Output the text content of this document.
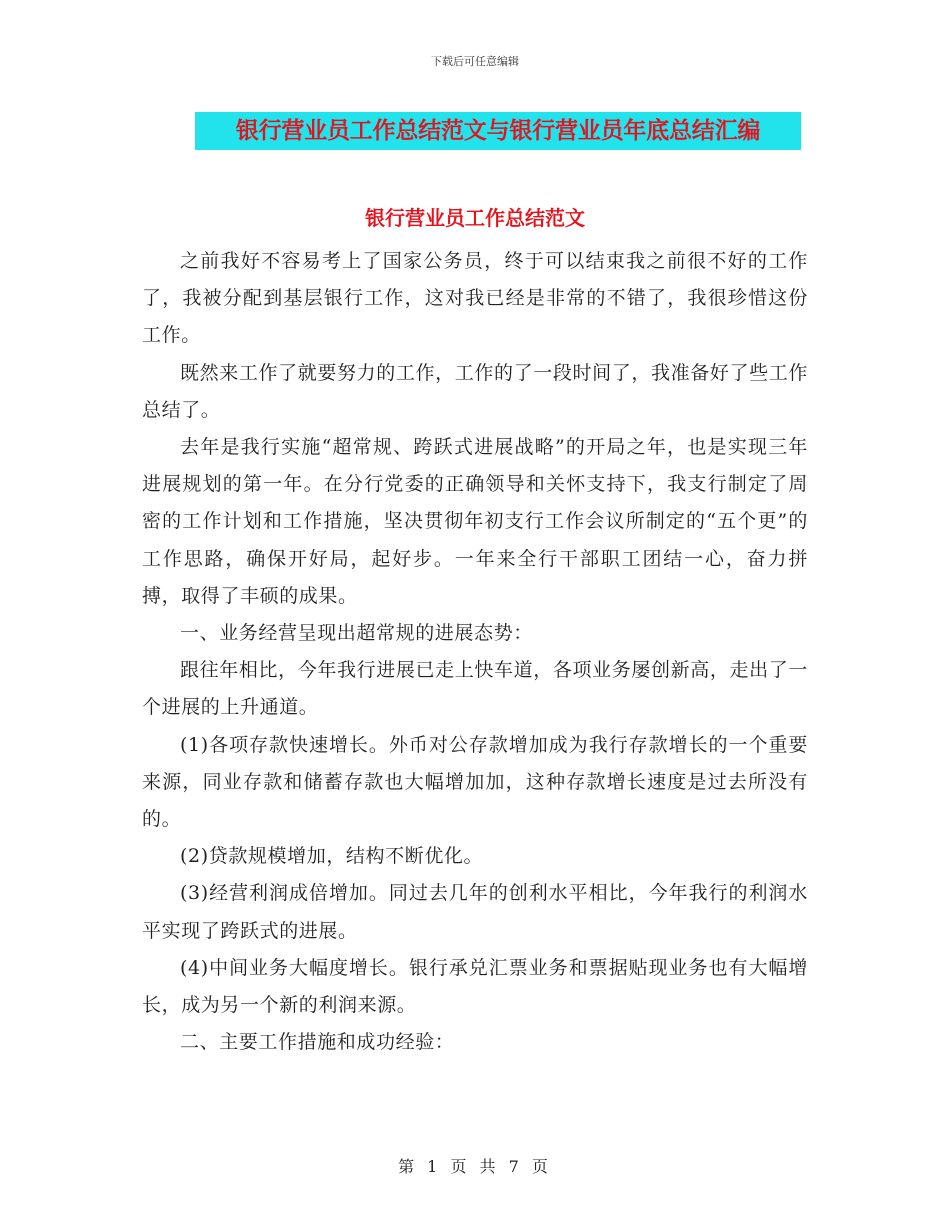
下载后可任意编辑
银行营业员工作总结范文与银行营业员年底总结汇编
银行营业员工作总结范文

之前我好不容易考上了国家公务员，终于可以结束我之前很不好的工作了，我被分配到基层银行工作，这对我已经是非常的不错了，我很珍惜这份工作。

既然来工作了就要努力的工作，工作的了一段时间了，我准备好了些工作总结了。

去年是我行实施“超常规、跨跃式进展战略”的开局之年，也是实现三年进展规划的第一年。在分行党委的正确领导和关怀支持下，我支行制定了周密的工作计划和工作措施，坚决贯彻年初支行工作会议所制定的“五个更”的工作思路，确保开好局，起好步。一年来全行干部职工团结一心，奋力拼搏，取得了丰硕的成果。

一、业务经营呈现出超常规的进展态势：

跟往年相比，今年我行进展已走上快车道，各项业务屡创新高，走出了一个进展的上升通道。

(1)各项存款快速增长。外币对公存款增加成为我行存款增长的一个重要来源，同业存款和储蓄存款也大幅增加加，这种存款增长速度是过去所没有的。

(2)贷款规模增加，结构不断优化。

(3)经营利润成倍增加。同过去几年的创利水平相比，今年我行的利润水平实现了跨跃式的进展。

(4)中间业务大幅度增长。银行承兑汇票业务和票据贴现业务也有大幅增长，成为另一个新的利润来源。

二、主要工作措施和成功经验：

第 1 页 共 7 页
